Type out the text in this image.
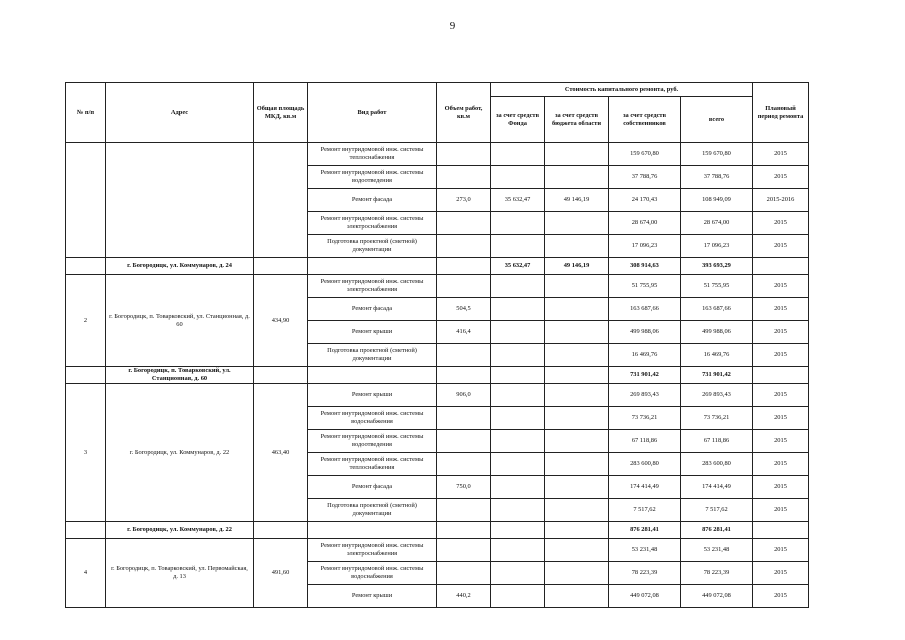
9
№ п/п	Адрес	Общая площадь МКД, кв.м	Вид работ	Объем работ, кв.м	Стоимость капитального ремонта, руб.				Плановый период ремонта
					за счет средств Фонда	за счет средств бюджета области	за счет средств собственников	всего	
			Ремонт внутридомовой инж. системы теплоснабжения				159 670,80	159 670,80	2015
			Ремонт внутридомовой инж. системы водоотведения				37 788,76	37 788,76	2015
			Ремонт фасада	273,0	35 632,47	49 146,19	24 170,43	108 949,09	2015-2016
			Ремонт внутридомовой инж. системы электроснабжения				28 674,00	28 674,00	2015
			Подготовка проектной (сметной) документации				17 096,23	17 096,23	2015
	г. Богородицк, ул. Коммунаров, д. 24				35 632,47	49 146,19	308 914,63	393 693,29	
2	г. Богородицк, п. Товарковский, ул. Станционная, д. 60	434,90	Ремонт внутридомовой инж. системы электроснабжения				51 755,95	51 755,95	2015
			Ремонт фасада	504,5			163 687,66	163 687,66	2015
			Ремонт крыши	416,4			499 988,06	499 988,06	2015
			Подготовка проектной (сметной) документации				16 469,76	16 469,76	2015
	г. Богородицк, п. Товарковский, ул. Станционная, д. 60						731 901,42	731 901,42	
3	г. Богородицк, ул. Коммунаров, д. 22	463,40	Ремонт крыши	906,0			269 893,43	269 893,43	2015
			Ремонт внутридомовой инж. системы водоснабжения				73 736,21	73 736,21	2015
			Ремонт внутридомовой инж. системы водоотведения				67 118,86	67 118,86	2015
			Ремонт внутридомовой инж. системы теплоснабжения				283 600,80	283 600,80	2015
			Ремонт фасада	750,0			174 414,49	174 414,49	2015
			Подготовка проектной (сметной) документации				7 517,62	7 517,62	2015
	г. Богородицк, ул. Коммунаров, д. 22						876 281,41	876 281,41	
4	г. Богородицк, п. Товарковский, ул. Первомайская, д. 13	491,60	Ремонт внутридомовой инж. системы электроснабжения				53 231,48	53 231,48	2015
			Ремонт внутридомовой инж. системы водоснабжения				78 223,39	78 223,39	2015
			Ремонт крыши	440,2			449 072,08	449 072,08	2015
